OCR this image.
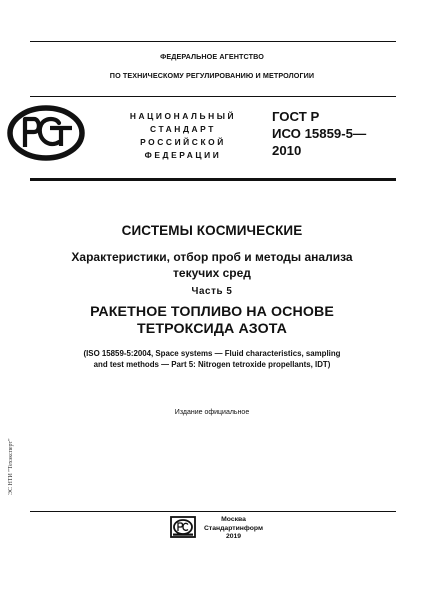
ФЕДЕРАЛЬНОЕ АГЕНТСТВО
ПО ТЕХНИЧЕСКОМУ РЕГУЛИРОВАНИЮ И МЕТРОЛОГИИ
НАЦИОНАЛЬНЫЙ
СТАНДАРТ
РОССИЙСКОЙ
ФЕДЕРАЦИИ
ГОСТ Р
ИСО 15859-5—
2010
СИСТЕМЫ КОСМИЧЕСКИЕ
Характеристики, отбор проб и методы анализа
текучих сред
Часть 5
РАКЕТНОЕ ТОПЛИВО НА ОСНОВЕ
ТЕТРОКСИДА АЗОТА
(ISO 15859-5:2004, Space systems — Fluid characteristics, sampling
and test methods — Part 5: Nitrogen tetroxide propellants, IDT)
Издание официальное
Москва
Стандартинформ
2019
ЭС НТИ "Техэксперт"
